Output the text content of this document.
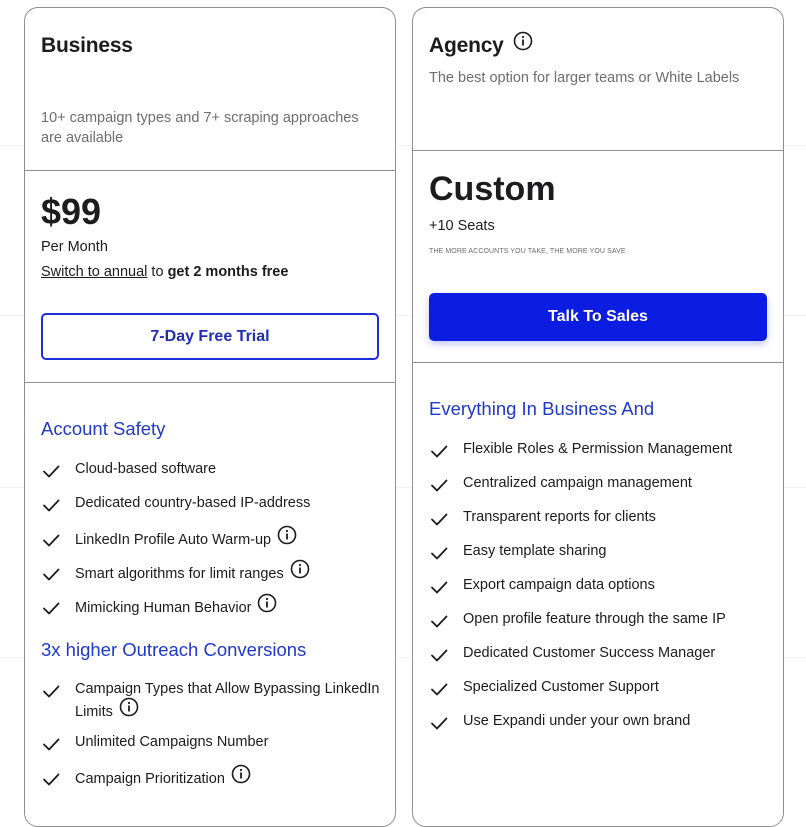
Business

10+ campaign types and 7+ scraping approaches are available

$99
Per Month
Switch to annual to get 2 months free
7-Day Free Trial
Account Safety
Cloud-based software
Dedicated country-based IP-address
LinkedIn Profile Auto Warm-up
Smart algorithms for limit ranges
Mimicking Human Behavior
3x higher Outreach Conversions
Campaign Types that Allow Bypassing LinkedIn Limits
Unlimited Campaigns Number
Campaign Prioritization
Agency

The best option for larger teams or White Labels

Custom
+10 Seats
THE MORE ACCOUNTS YOU TAKE, THE MORE YOU SAVE
Talk To Sales
Everything In Business And
Flexible Roles & Permission Management
Centralized campaign management
Transparent reports for clients
Easy template sharing
Export campaign data options
Open profile feature through the same IP
Dedicated Customer Success Manager
Specialized Customer Support
Use Expandi under your own brand
